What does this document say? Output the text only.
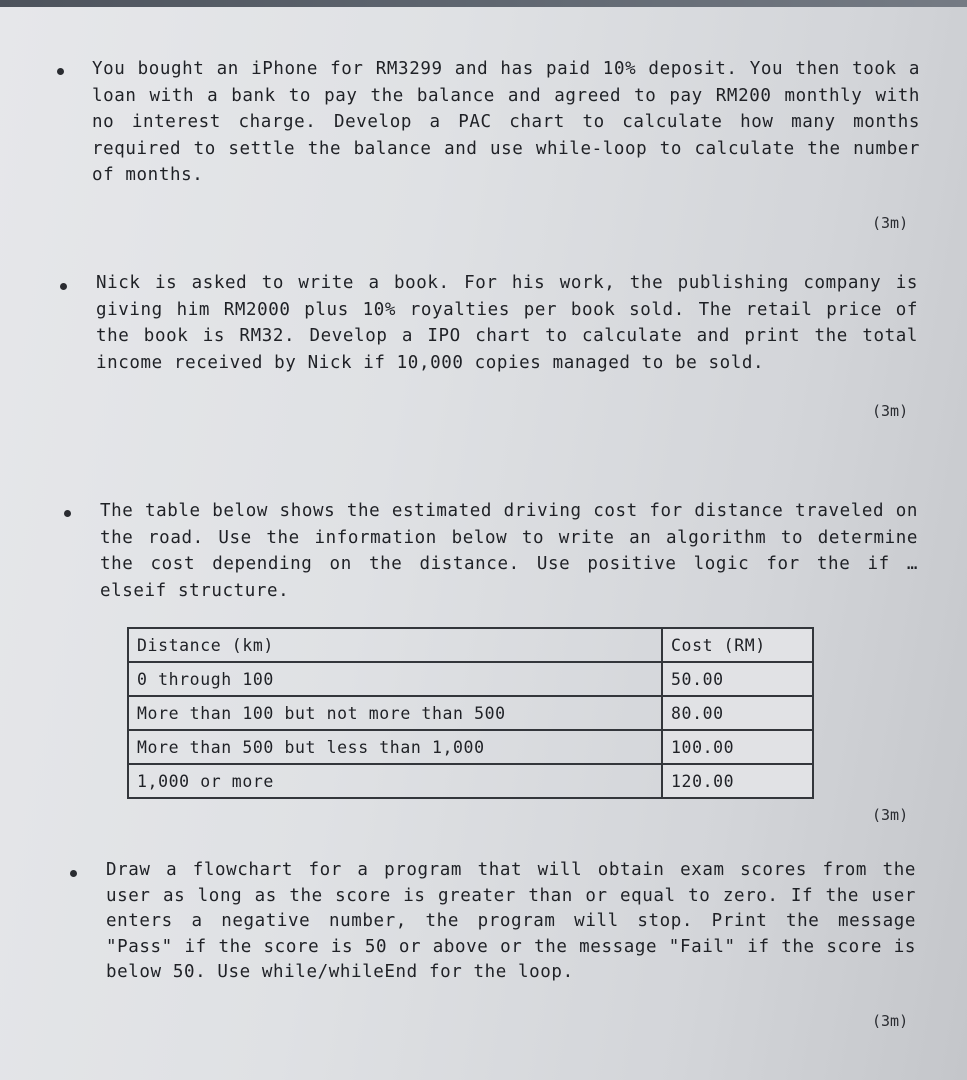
You bought an iPhone for RM3299 and has paid 10% deposit. You then took a loan with a bank to pay the balance and agreed to pay RM200 monthly with no interest charge. Develop a PAC chart to calculate how many months required to settle the balance and use while-loop to calculate the number of months.
(3m)
Nick is asked to write a book. For his work, the publishing company is giving him RM2000 plus 10% royalties per book sold. The retail price of the book is RM32. Develop a IPO chart to calculate and print the total income received by Nick if 10,000 copies managed to be sold.
(3m)
The table below shows the estimated driving cost for distance traveled on the road. Use the information below to write an algorithm to determine the cost depending on the distance. Use positive logic for the if … elseif structure.
Distance (km)	Cost (RM)
0 through 100	50.00
More than 100 but not more than 500	80.00
More than 500 but less than 1,000	100.00
1,000 or more	120.00
(3m)
Draw a flowchart for a program that will obtain exam scores from the user as long as the score is greater than or equal to zero. If the user enters a negative number, the program will stop. Print the message "Pass" if the score is 50 or above or the message "Fail" if the score is below 50. Use while/whileEnd for the loop.
(3m)
